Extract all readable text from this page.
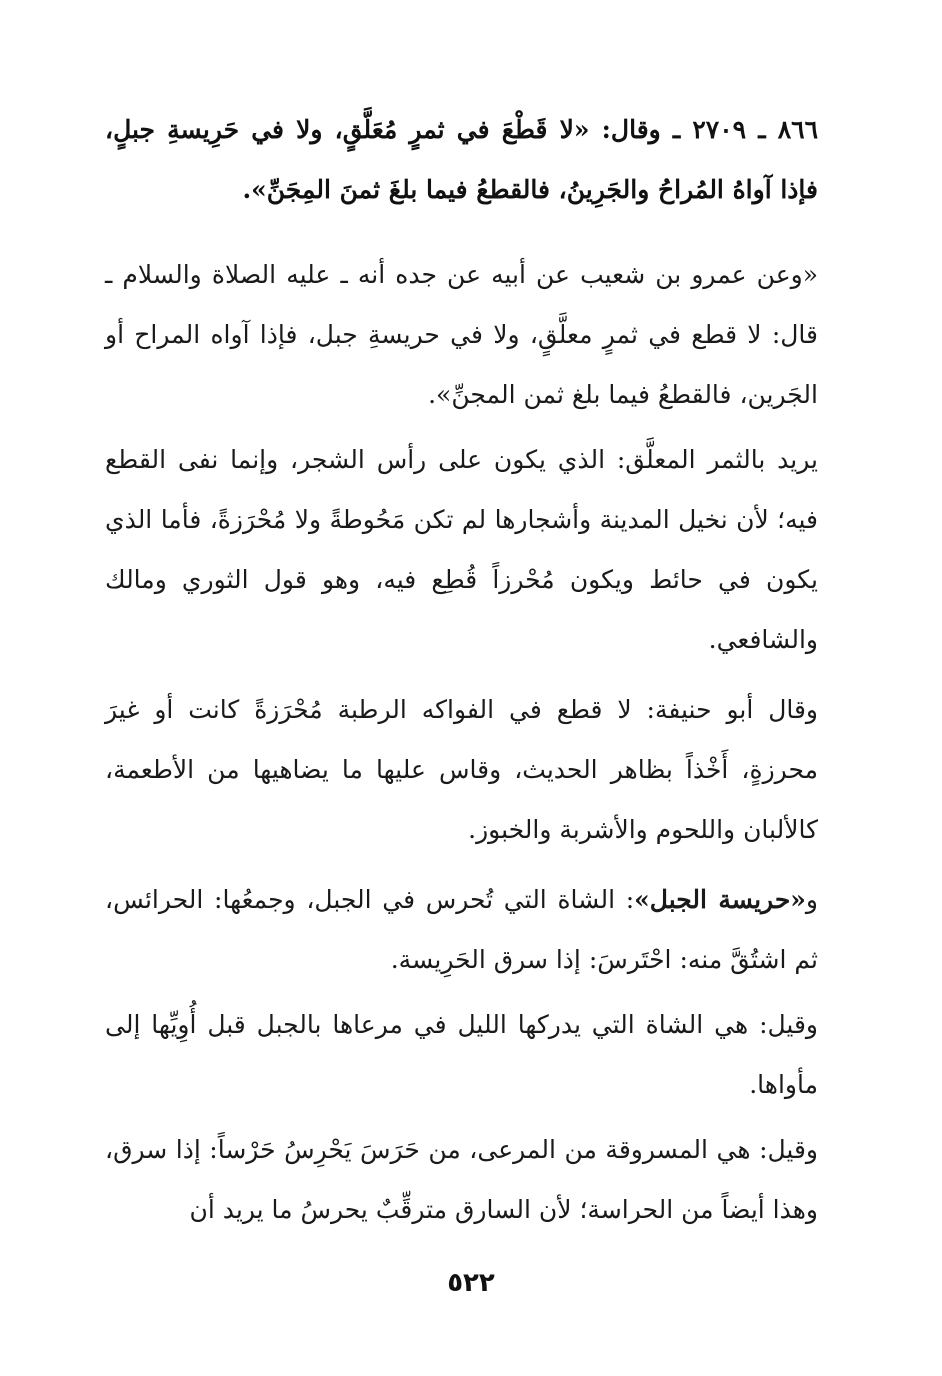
٨٦٦ ـ ٢٧٠٩ ـ وقال: «لا قَطْعَ في ثمرٍ مُعَلَّقٍ، ولا في حَرِيسةِ جبلٍ، فإذا آواهُ المُراحُ والجَرِينُ، فالقطعُ فيما بلغَ ثمنَ المِجَنِّ».
«وعن عمرو بن شعيب عن أبيه عن جده أنه ـ عليه الصلاة والسلام ـ قال: لا قطع في ثمرٍ معلَّقٍ، ولا في حريسةِ جبل، فإذا آواه المراح أو الجَرين، فالقطعُ فيما بلغ ثمن المجنِّ».
يريد بالثمر المعلَّق: الذي يكون على رأس الشجر، وإنما نفى القطع فيه؛ لأن نخيل المدينة وأشجارها لم تكن مَحُوطةً ولا مُحْرَزةً، فأما الذي يكون في حائط ويكون مُحْرزاً قُطِع فيه، وهو قول الثوري ومالك والشافعي.
وقال أبو حنيفة: لا قطع في الفواكه الرطبة مُحْرَزةً كانت أو غيرَ محرزةٍ، أَخْذاً بظاهر الحديث، وقاس عليها ما يضاهيها من الأطعمة، كالألبان واللحوم والأشربة والخبوز.
و«حريسة الجبل»: الشاة التي تُحرس في الجبل، وجمعُها: الحرائس، ثم اشتُقَّ منه: احْتَرسَ: إذا سرق الحَرِيسة.
وقيل: هي الشاة التي يدركها الليل في مرعاها بالجبل قبل أُوِيِّها إلى مأواها.
وقيل: هي المسروقة من المرعى، من حَرَسَ يَحْرِسُ حَرْساً: إذا سرق، وهذا أيضاً من الحراسة؛ لأن السارق مترقِّبٌ يحرسُ ما يريد أن
٥٢٢
